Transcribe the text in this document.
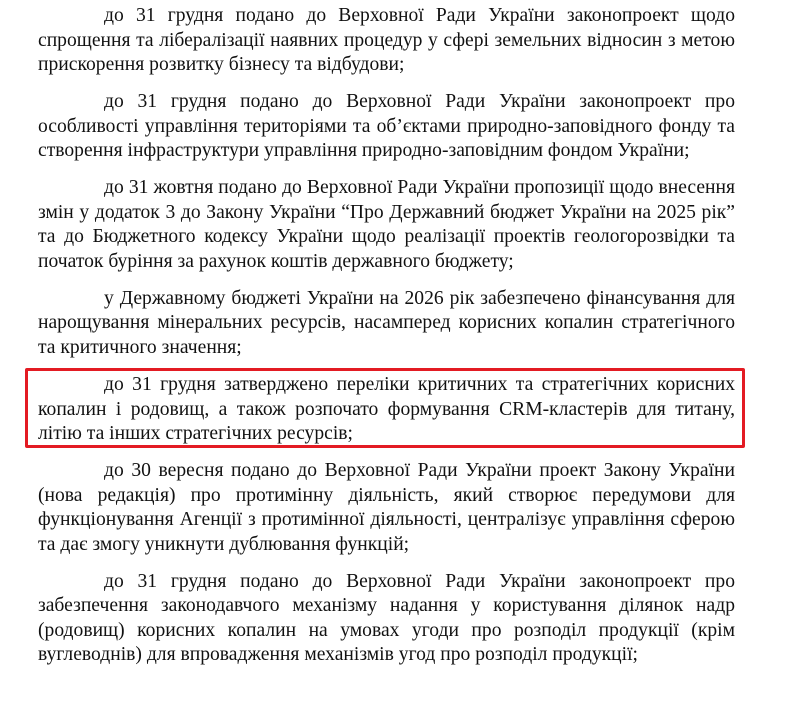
до 31 грудня подано до Верховної Ради України законопроект щодо спрощення та лібералізації наявних процедур у сфері земельних відносин з метою прискорення розвитку бізнесу та відбудови;

до 31 грудня подано до Верховної Ради України законопроект про особливості управління територіями та об’єктами природно-заповідного фонду та створення інфраструктури управління природно-заповідним фондом України;

до 31 жовтня подано до Верховної Ради України пропозиції щодо внесення змін у додаток 3 до Закону України “Про Державний бюджет України на 2025 рік” та до Бюджетного кодексу України щодо реалізації проектів геологорозвідки та початок буріння за рахунок коштів державного бюджету;

у Державному бюджеті України на 2026 рік забезпечено фінансування для нарощування мінеральних ресурсів, насамперед корисних копалин стратегічного та критичного значення;

до 31 грудня затверджено переліки критичних та стратегічних корисних копалин і родовищ, а також розпочато формування CRM-кластерів для титану, літію та інших стратегічних ресурсів;

до 30 вересня подано до Верховної Ради України проект Закону України (нова редакція) про протимінну діяльність, який створює передумови для функціонування Агенції з протимінної діяльності, централізує управління сферою та дає змогу уникнути дублювання функцій;

до 31 грудня подано до Верховної Ради України законопроект про забезпечення законодавчого механізму надання у користування ділянок надр (родовищ) корисних копалин на умовах угоди про розподіл продукції (крім вуглеводнів) для впровадження механізмів угод про розподіл продукції;
